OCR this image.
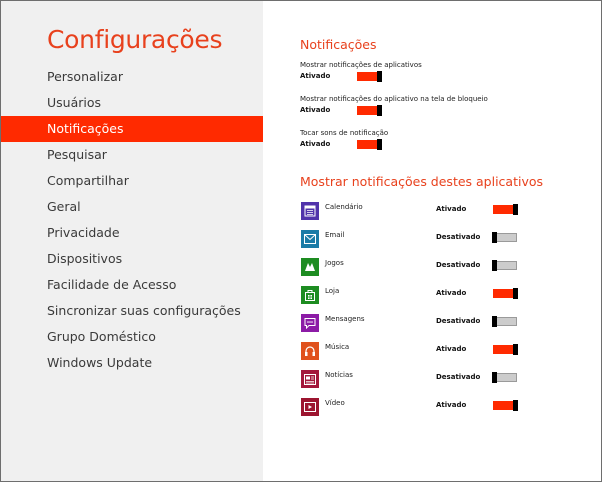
Configurações
Personalizar
Usuários
Notificações
Pesquisar
Compartilhar
Geral
Privacidade
Dispositivos
Facilidade de Acesso
Sincronizar suas configurações
Grupo Doméstico
Windows Update
Notificações
Mostrar notificações de aplicativos
Ativado
Mostrar notificações do aplicativo na tela de bloqueio
Ativado
Tocar sons de notificação
Ativado
Mostrar notificações destes aplicativos
Calendário	Ativado
Email	Desativado
Jogos	Desativado
Loja	Ativado
Mensagens	Desativado
Música	Ativado
Notícias	Desativado
Vídeo	Ativado
